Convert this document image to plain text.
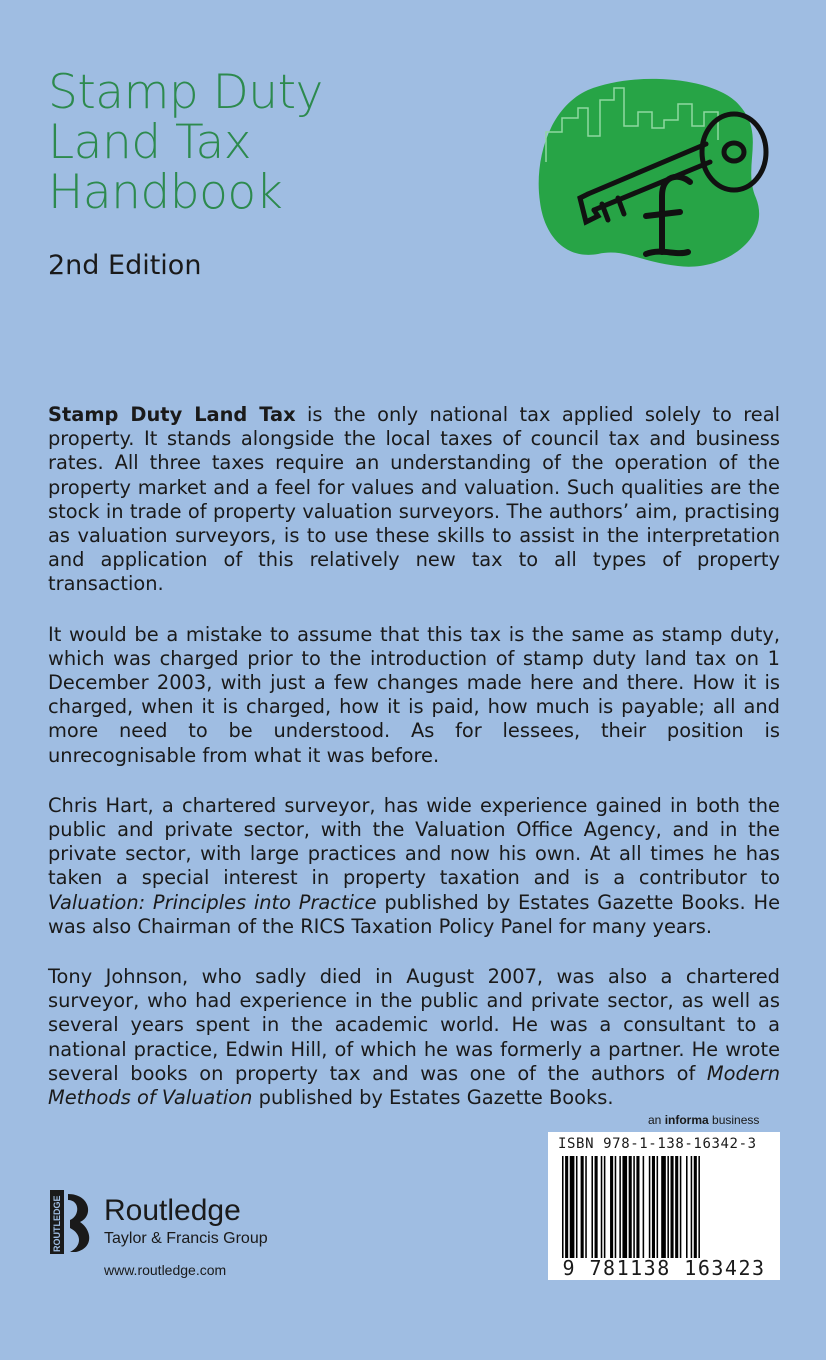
Stamp Duty
Land Tax
Handbook
2nd Edition

Stamp Duty Land Tax is the only national tax applied solely to real property. It stands alongside the local taxes of council tax and business rates. All three taxes require an understanding of the operation of the property market and a feel for values and valuation. Such qualities are the stock in trade of property valuation surveyors. The authors’ aim, practising as valuation surveyors, is to use these skills to assist in the interpretation and application of this relatively new tax to all types of property transaction.

It would be a mistake to assume that this tax is the same as stamp duty, which was charged prior to the introduction of stamp duty land tax on 1 December 2003, with just a few changes made here and there. How it is charged, when it is charged, how it is paid, how much is payable; all and more need to be understood. As for lessees, their position is unrecognisable from what it was before.

Chris Hart, a chartered surveyor, has wide experience gained in both the public and private sector, with the Valuation Office Agency, and in the private sector, with large practices and now his own. At all times he has taken a special interest in property taxation and is a contributor to Valuation: Principles into Practice published by Estates Gazette Books. He was also Chairman of the RICS Taxation Policy Panel for many years.

Tony Johnson, who sadly died in August 2007, was also a chartered surveyor, who had experience in the public and private sector, as well as several years spent in the academic world. He was a consultant to a national practice, Edwin Hill, of which he was formerly a partner. He wrote several books on property tax and was one of the authors of Modern Methods of Valuation published by Estates Gazette Books.

an informa business
ISBN 978-1-138-16342-3
9 781138 163423
ROUTLEDGE Routledge
Taylor & Francis Group
www.routledge.com
